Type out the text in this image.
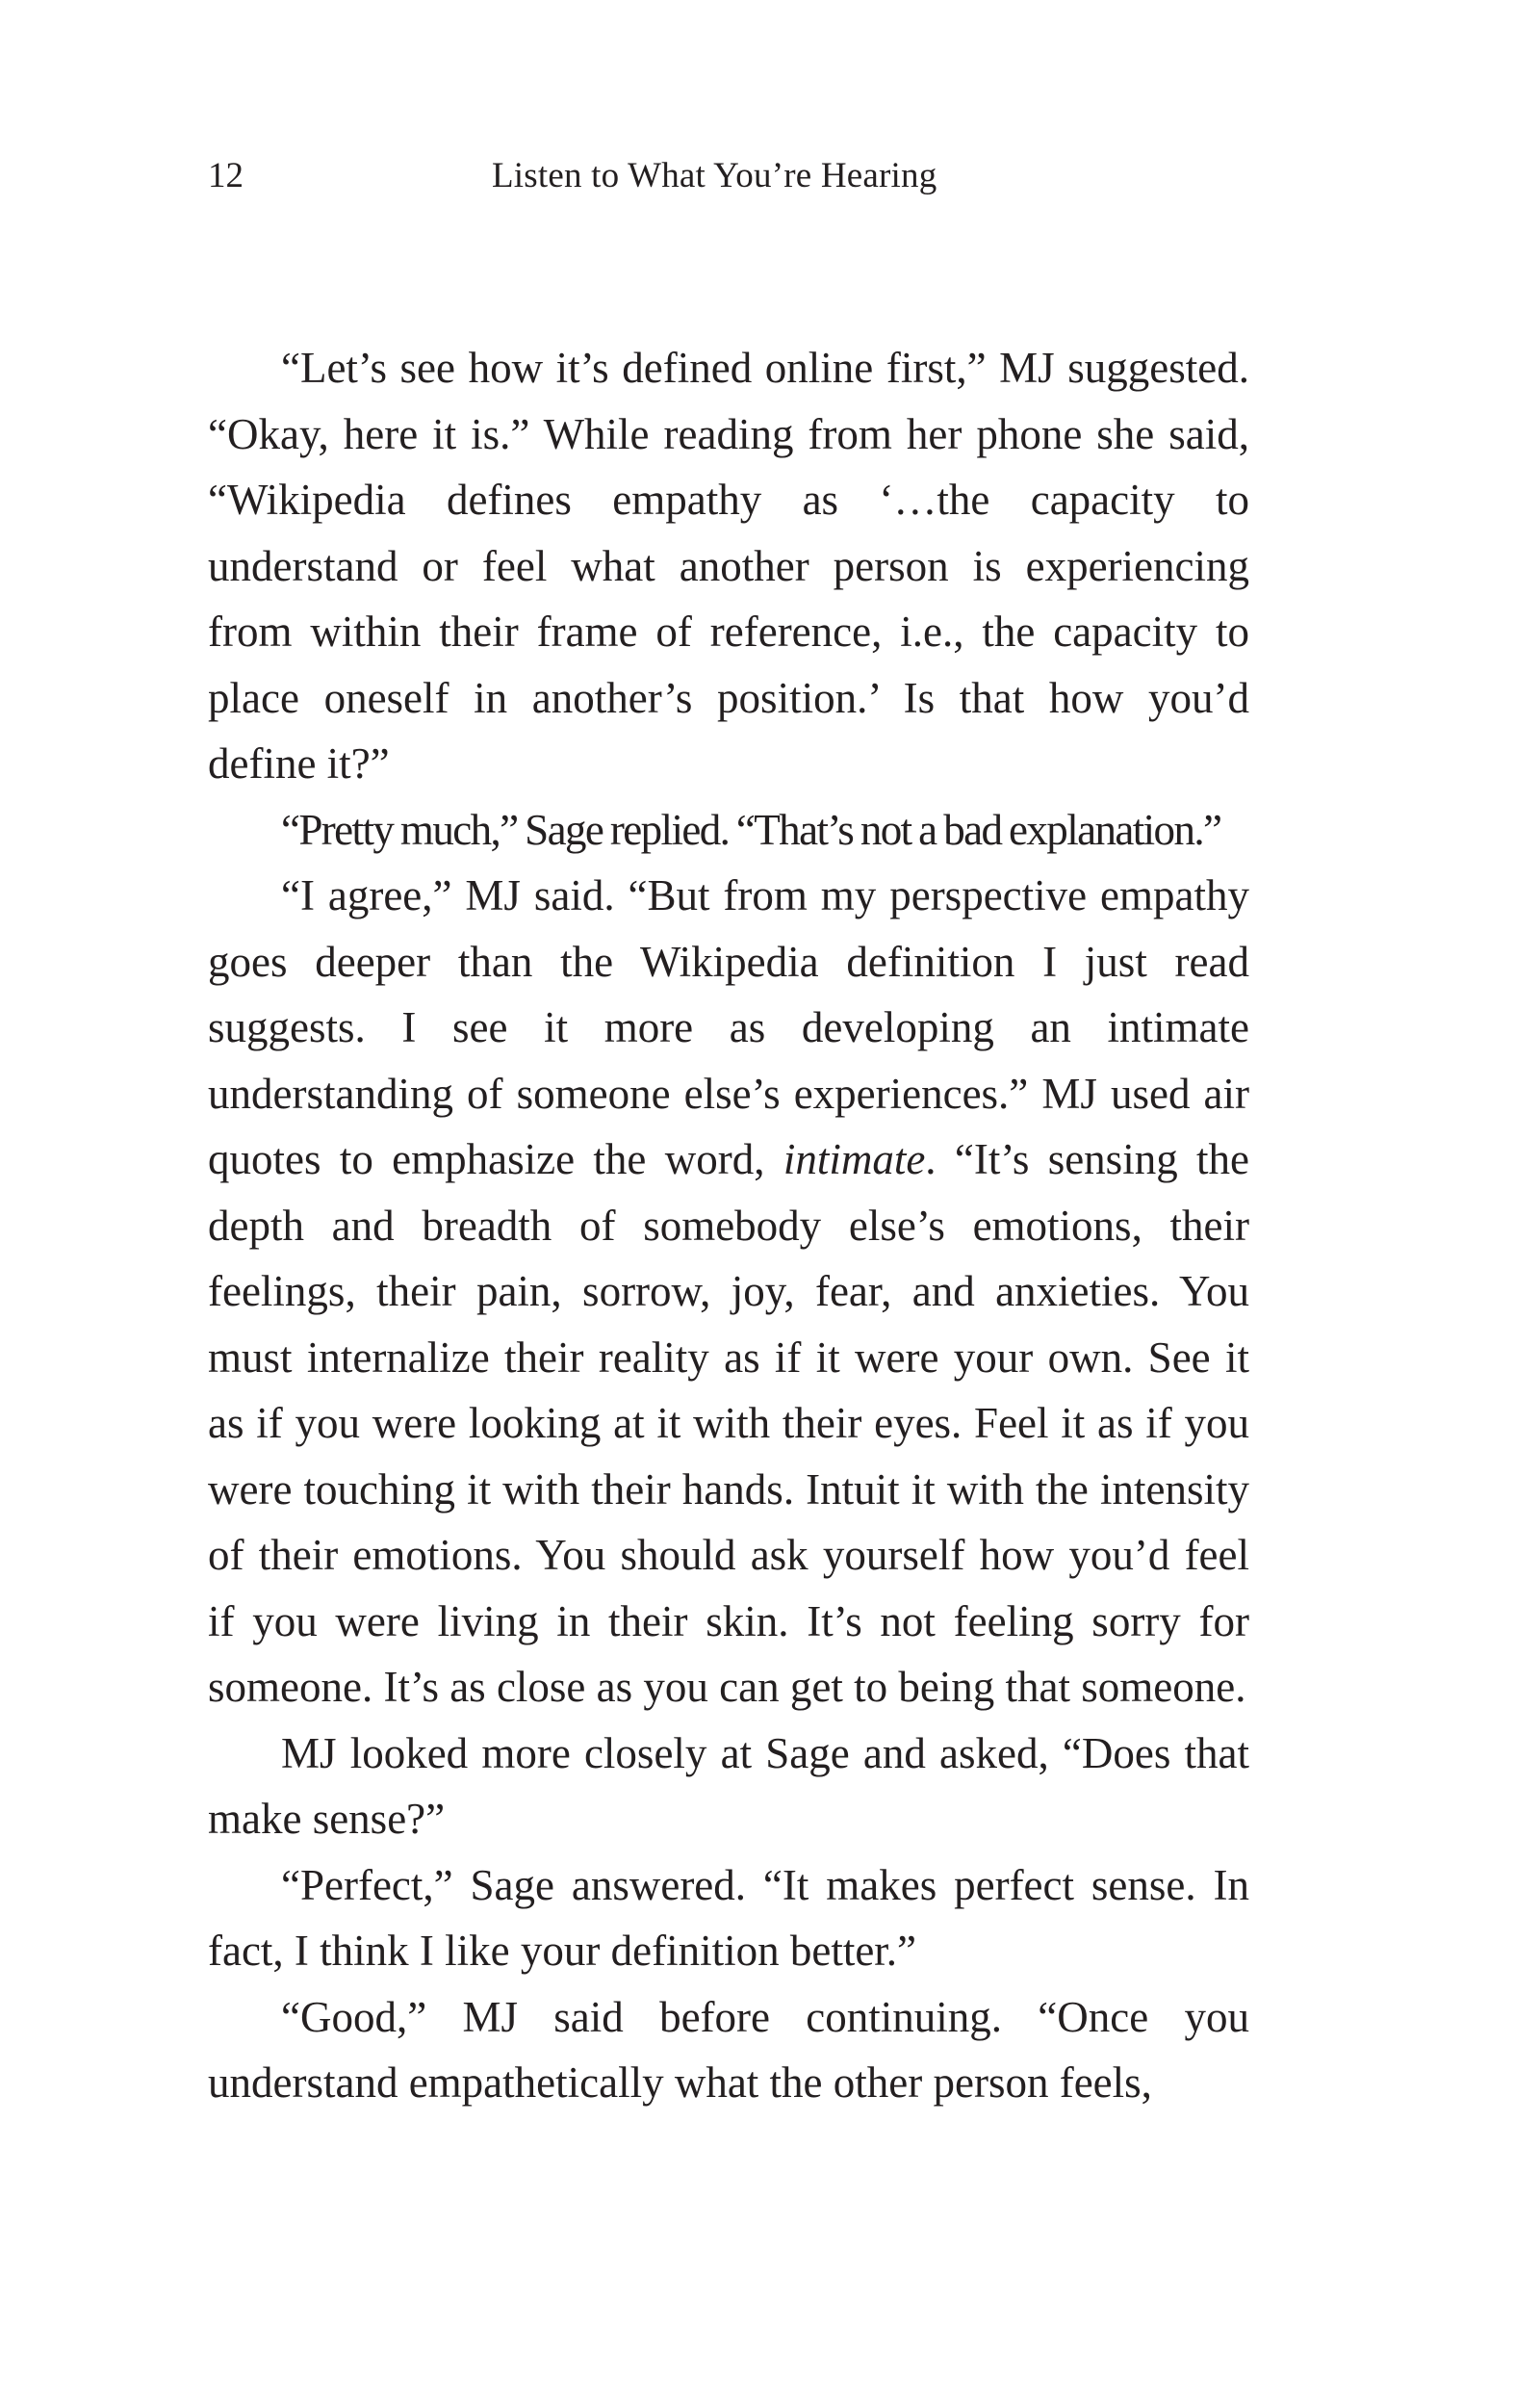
12	Listen to What You’re Hearing

“Let’s see how it’s defined online first,” MJ suggested. “Okay, here it is.” While reading from her phone she said, “Wikipedia defines empathy as ‘…the capacity to understand or feel what another person is experiencing from within their frame of reference, i.e., the capacity to place oneself in another’s position.’ Is that how you’d define it?”

“Pretty much,” Sage replied. “That’s not a bad explanation.”

“I agree,” MJ said. “But from my perspective empathy goes deeper than the Wikipedia definition I just read suggests. I see it more as developing an intimate understanding of someone else’s experiences.” MJ used air quotes to emphasize the word, intimate. “It’s sensing the depth and breadth of somebody else’s emotions, their feelings, their pain, sorrow, joy, fear, and anxieties. You must internalize their reality as if it were your own. See it as if you were looking at it with their eyes. Feel it as if you were touching it with their hands. Intuit it with the intensity of their emotions. You should ask yourself how you’d feel if you were living in their skin. It’s not feeling sorry for someone. It’s as close as you can get to being that someone.

MJ looked more closely at Sage and asked, “Does that make sense?”

“Perfect,” Sage answered. “It makes perfect sense. In fact, I think I like your definition better.”

“Good,” MJ said before continuing. “Once you understand empathetically what the other person feels,
